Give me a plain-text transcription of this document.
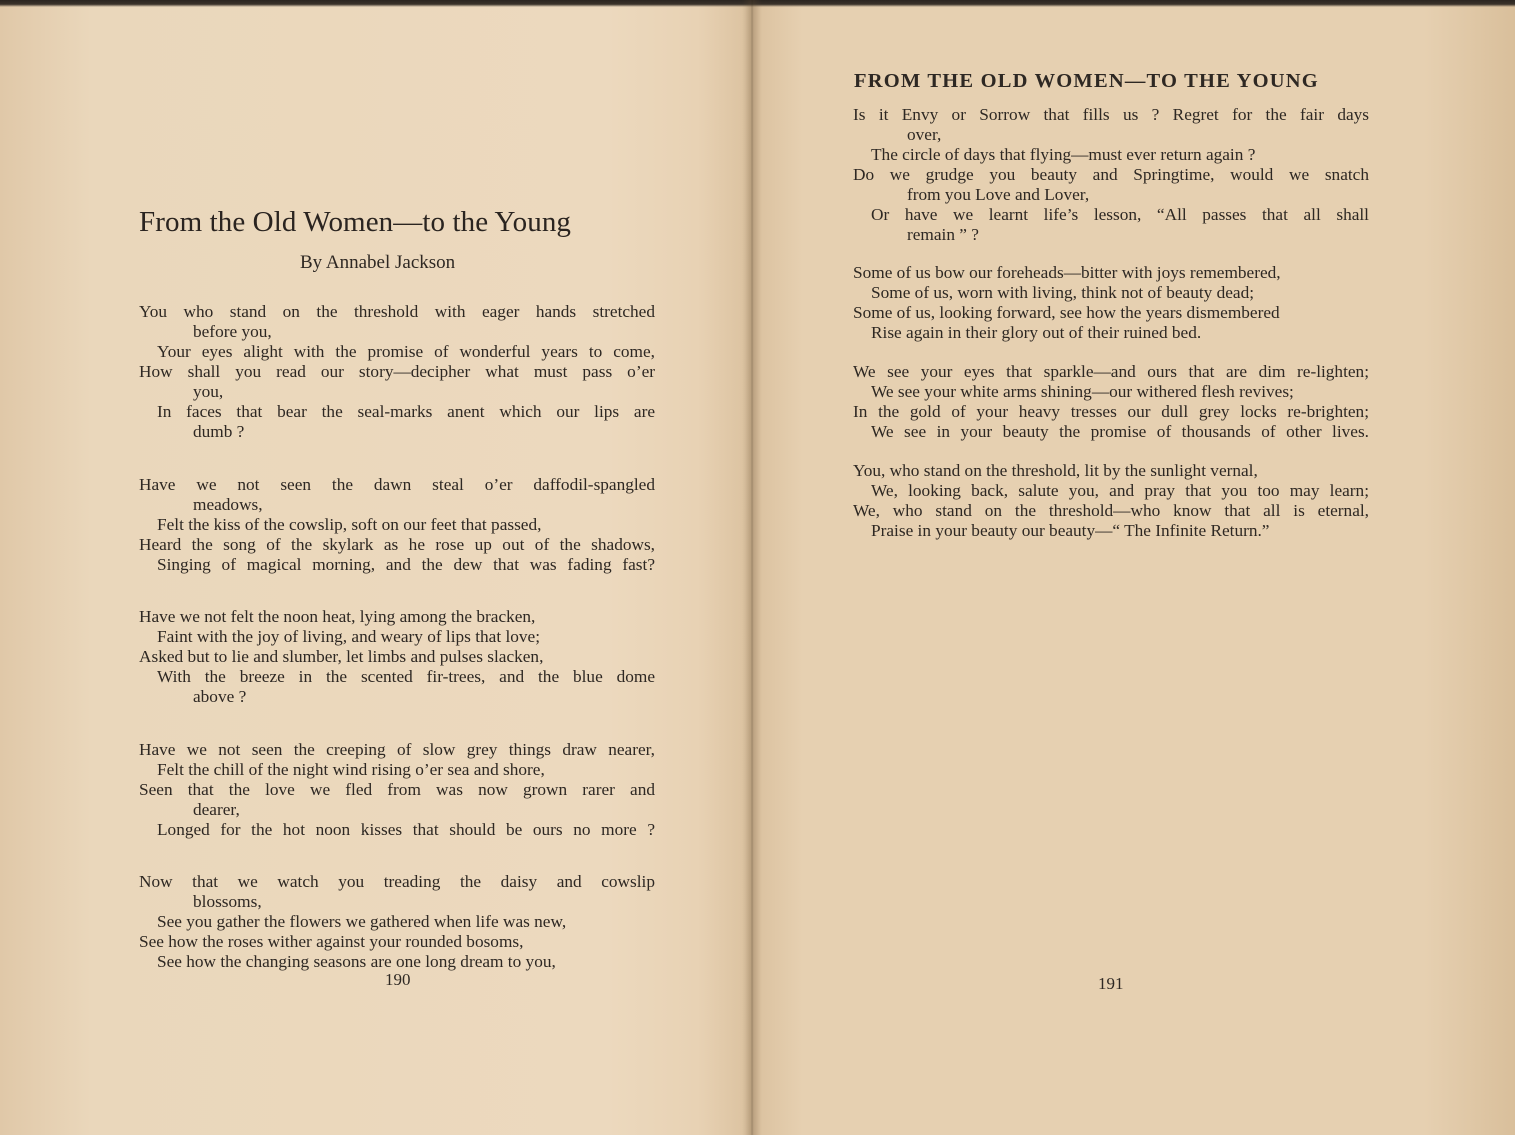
From the Old Women—to the Young
By Annabel Jackson
You who stand on the threshold with eager hands stretched
before you,
Your eyes alight with the promise of wonderful years to come,
How shall you read our story—decipher what must pass o’er
you,
In faces that bear the seal-marks anent which our lips are
dumb ?
Have we not seen the dawn steal o’er daffodil-spangled
meadows,
Felt the kiss of the cowslip, soft on our feet that passed,
Heard the song of the skylark as he rose up out of the shadows,
Singing of magical morning, and the dew that was fading fast?
Have we not felt the noon heat, lying among the bracken,
Faint with the joy of living, and weary of lips that love;
Asked but to lie and slumber, let limbs and pulses slacken,
With the breeze in the scented fir-trees, and the blue dome
above ?
Have we not seen the creeping of slow grey things draw nearer,
Felt the chill of the night wind rising o’er sea and shore,
Seen that the love we fled from was now grown rarer and
dearer,
Longed for the hot noon kisses that should be ours no more ?
Now that we watch you treading the daisy and cowslip
blossoms,
See you gather the flowers we gathered when life was new,
See how the roses wither against your rounded bosoms,
See how the changing seasons are one long dream to you,
190
FROM THE OLD WOMEN—TO THE YOUNG
Is it Envy or Sorrow that fills us ? Regret for the fair days
over,
The circle of days that flying—must ever return again ?
Do we grudge you beauty and Springtime, would we snatch
from you Love and Lover,
Or have we learnt life’s lesson, “All passes that all shall
remain ” ?
Some of us bow our foreheads—bitter with joys remembered,
Some of us, worn with living, think not of beauty dead;
Some of us, looking forward, see how the years dismembered
Rise again in their glory out of their ruined bed.
We see your eyes that sparkle—and ours that are dim re-lighten;
We see your white arms shining—our withered flesh revives;
In the gold of your heavy tresses our dull grey locks re-brighten;
We see in your beauty the promise of thousands of other lives.
You, who stand on the threshold, lit by the sunlight vernal,
We, looking back, salute you, and pray that you too may learn;
We, who stand on the threshold—who know that all is eternal,
Praise in your beauty our beauty—“ The Infinite Return.”
191
